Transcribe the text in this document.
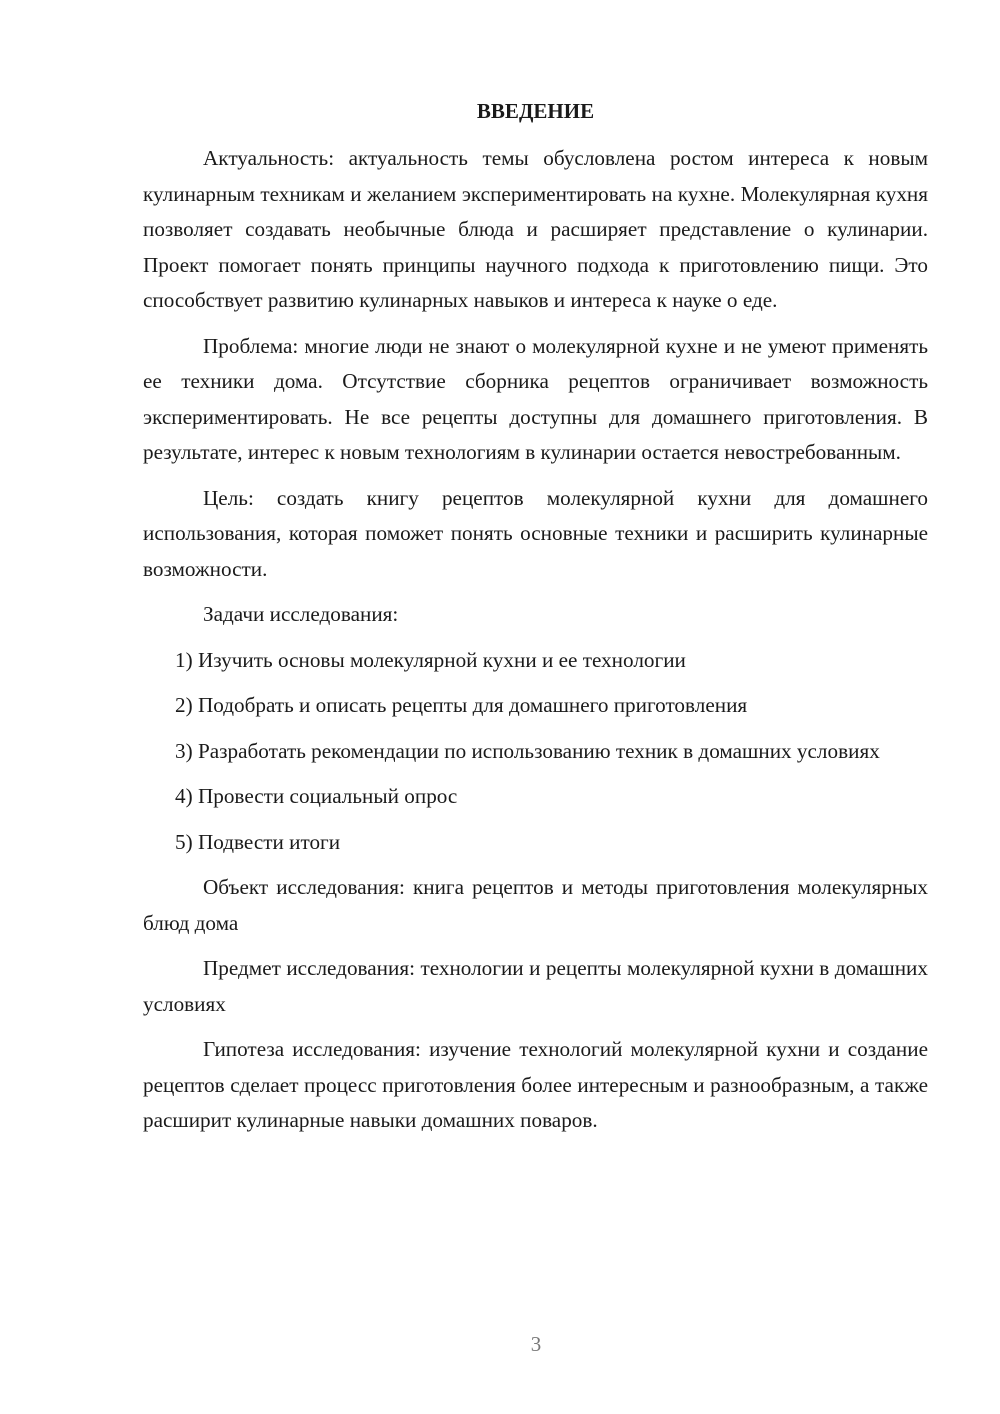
ВВЕДЕНИЕ

Актуальность: актуальность темы обусловлена ростом интереса к новым кулинарным техникам и желанием экспериментировать на кухне. Молекулярная кухня позволяет создавать необычные блюда и расширяет представление о кулинарии. Проект помогает понять принципы научного подхода к приготовлению пищи. Это способствует развитию кулинарных навыков и интереса к науке о еде.

Проблема: многие люди не знают о молекулярной кухне и не умеют применять ее техники дома. Отсутствие сборника рецептов ограничивает возможность экспериментировать. Не все рецепты доступны для домашнего приготовления. В результате, интерес к новым технологиям в кулинарии остается невостребованным.

Цель: создать книгу рецептов молекулярной кухни для домашнего использования, которая поможет понять основные техники и расширить кулинарные возможности.

Задачи исследования:

1) Изучить основы молекулярной кухни и ее технологии

2) Подобрать и описать рецепты для домашнего приготовления

3) Разработать рекомендации по использованию техник в домашних условиях

4) Провести социальный опрос

5) Подвести итоги

Объект исследования: книга рецептов и методы приготовления молекулярных блюд дома

Предмет исследования: технологии и рецепты молекулярной кухни в домашних условиях

Гипотеза исследования: изучение технологий молекулярной кухни и создание рецептов сделает процесс приготовления более интересным и разнообразным, а также расширит кулинарные навыки домашних поваров.

3
